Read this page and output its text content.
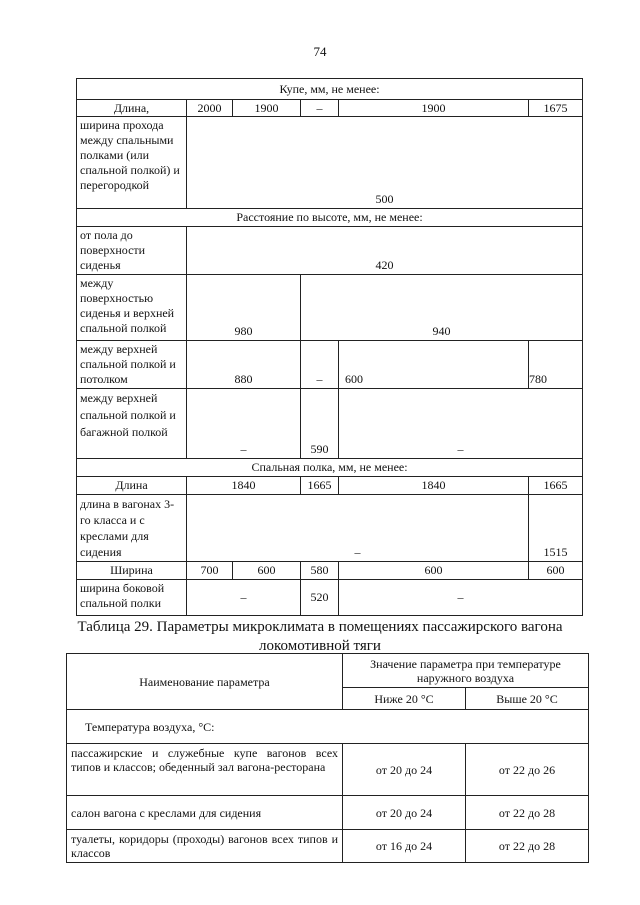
74
Купе, мм, не менее:					
Длина,	2000	1900	–	1900	1675
ширина прохода между спальными полками (или спальной полкой) и перегородкой	500				
Расстояние по высоте, мм, не менее:					
от пола до поверхности сиденья	420				
между поверхностью сиденья и верхней спальной полкой	980		940		
между верхней спальной полкой и потолком	880		–	600	780
между верхней спальной полкой и багажной полкой	–		590	–	
Спальная полка, мм, не менее:					
Длина	1840		1665	1840	1665
длина в вагонах 3-го класса и с креслами для сидения	–				1515
Ширина	700	600	580	600	600
ширина боковой спальной полки	–		520	–	
Таблица 29. Параметры микроклимата в помещениях пассажирского вагона
локомотивной тяги
Наименование параметра	Значение параметра при температуре наружного воздуха	
	Ниже 20 °С	Выше 20 °С
Температура воздуха, °С:		
пассажирские и служебные купе вагонов всех типов и классов; обеденный зал вагона-ресторана	от 20 до 24	от 22 до 26
салон вагона с креслами для сидения	от 20 до 24	от 22 до 28
туалеты, коридоры (проходы) вагонов всех типов и классов	от 16 до 24	от 22 до 28
